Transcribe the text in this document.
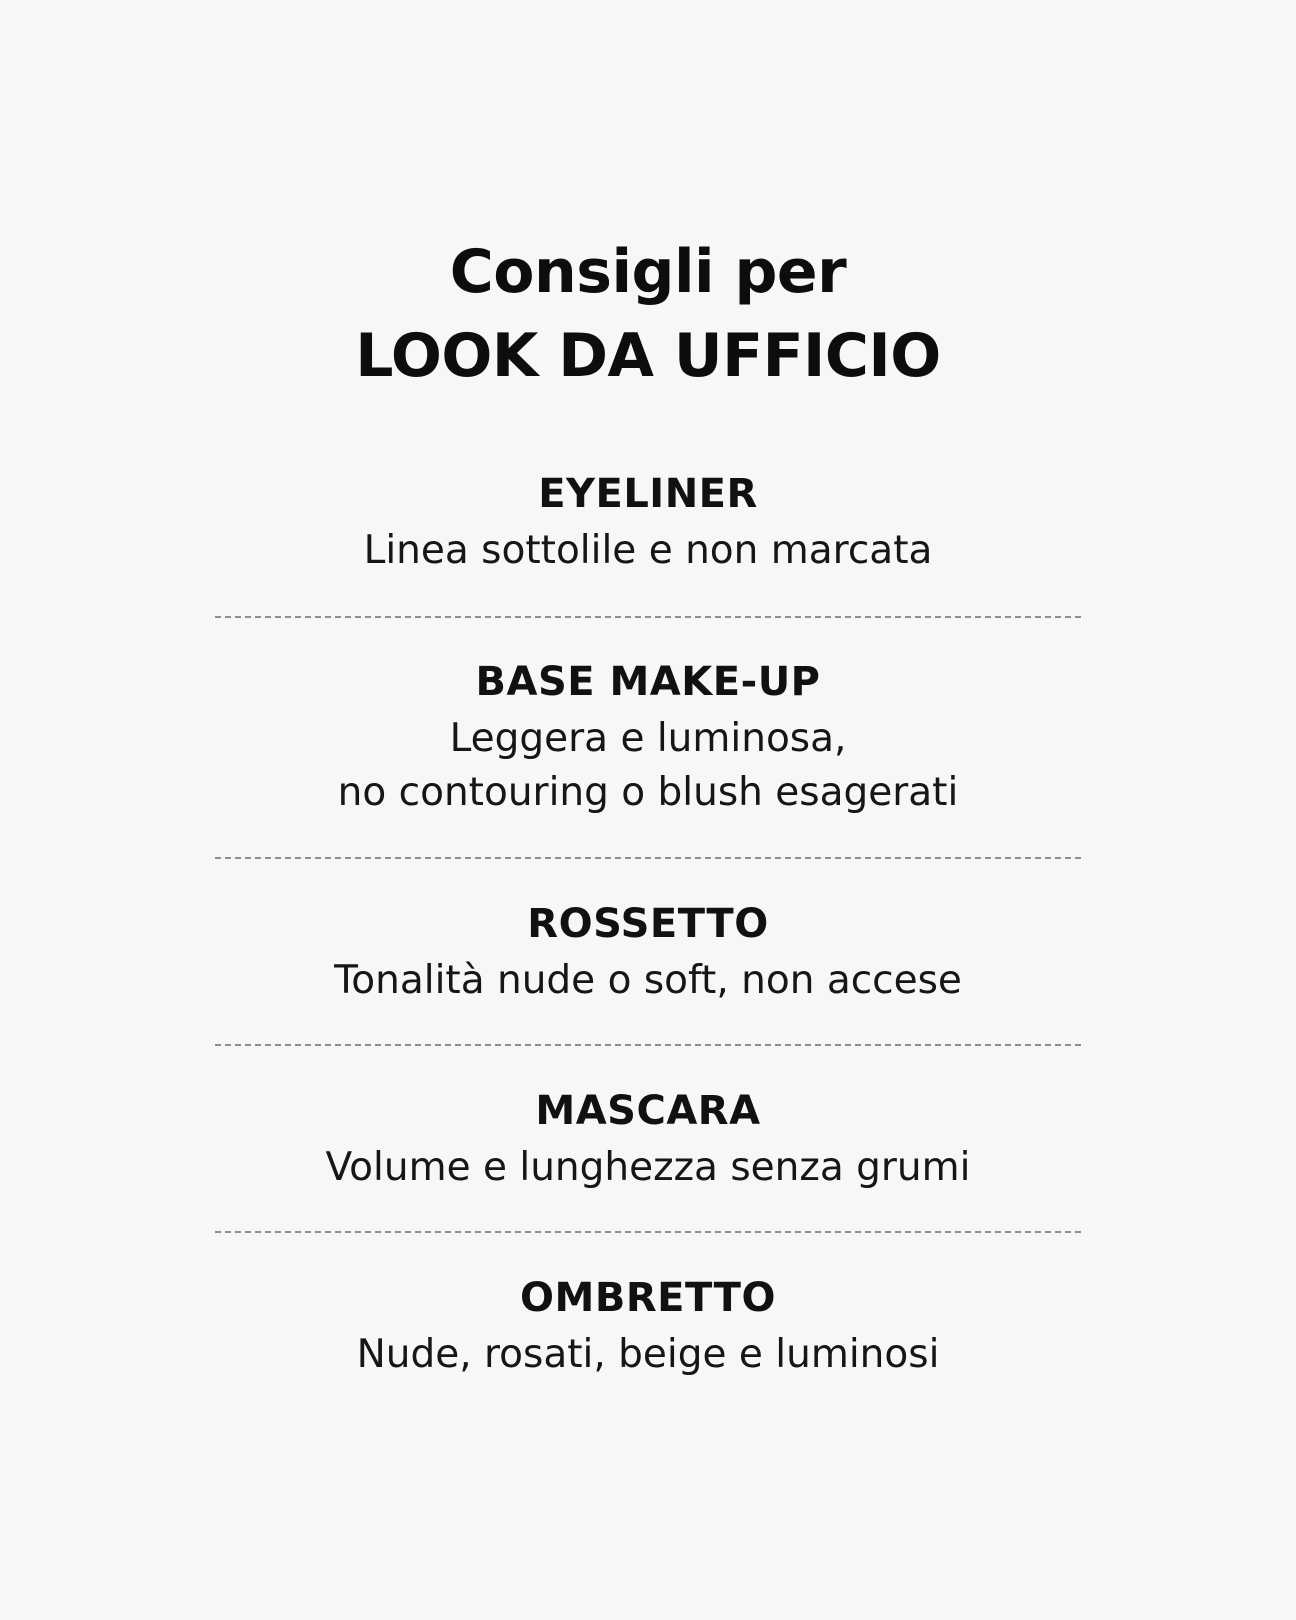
Consigli per
LOOK DA UFFICIO
EYELINER

Linea sottolile e non marcata

BASE MAKE-UP

Leggera e luminosa,
no contouring o blush esagerati

ROSSETTO

Tonalità nude o soft, non accese

MASCARA

Volume e lunghezza senza grumi

OMBRETTO

Nude, rosati, beige e luminosi
